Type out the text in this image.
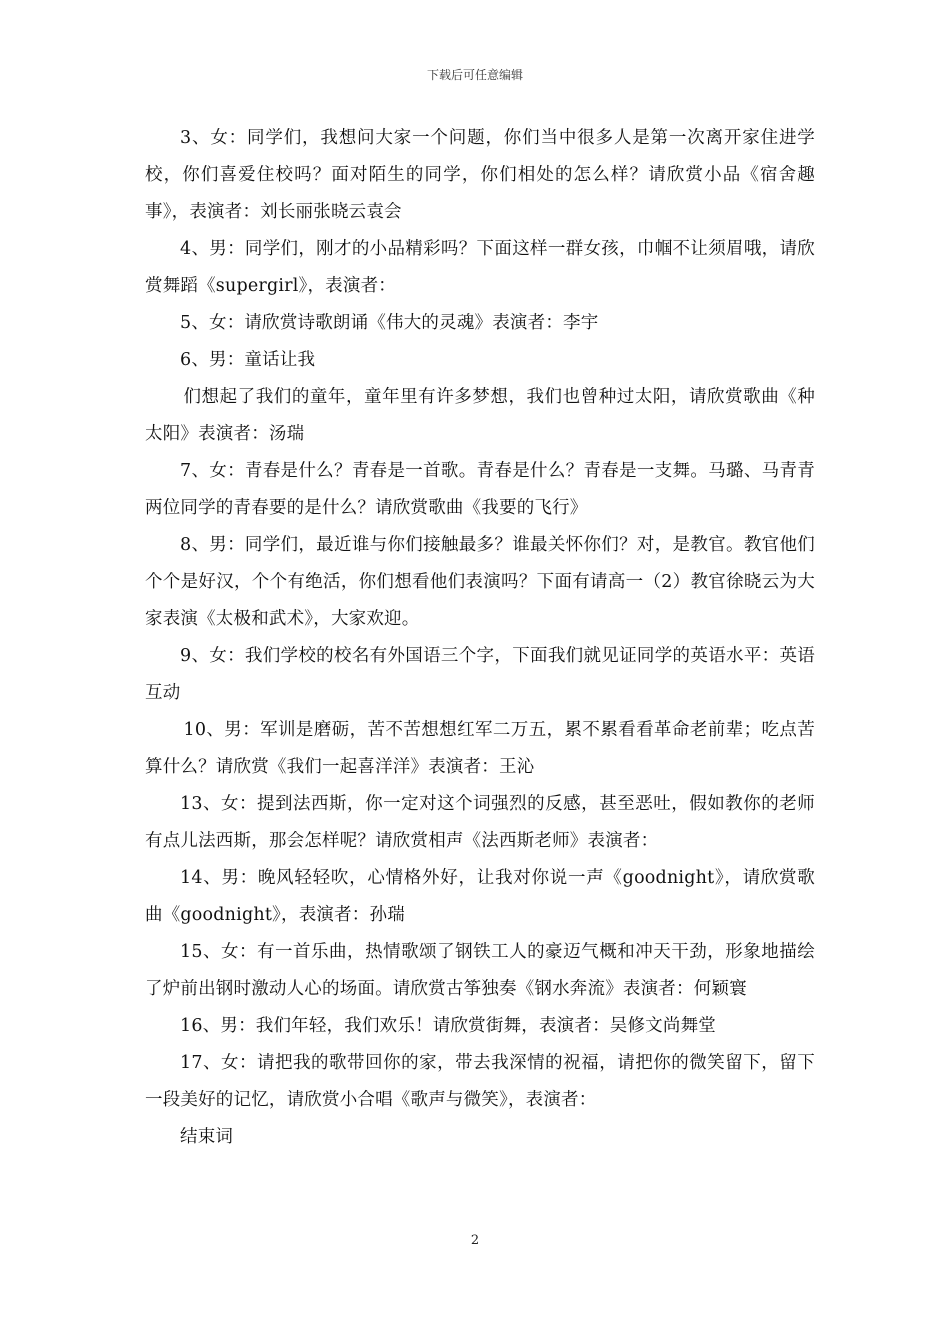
下载后可任意编辑

3、女：同学们，我想问大家一个问题，你们当中很多人是第一次离开家住进学校，你们喜爱住校吗？面对陌生的同学，你们相处的怎么样？请欣赏小品《宿舍趣事》，表演者：刘长丽张晓云袁会

4、男：同学们，刚才的小品精彩吗？下面这样一群女孩，巾帼不让须眉哦，请欣赏舞蹈《supergirl》，表演者：

5、女：请欣赏诗歌朗诵《伟大的灵魂》表演者：李宇

6、男：童话让我

们想起了我们的童年，童年里有许多梦想，我们也曾种过太阳，请欣赏歌曲《种太阳》表演者：汤瑞

7、女：青春是什么？青春是一首歌。青春是什么？青春是一支舞。马璐、马青青两位同学的青春要的是什么？请欣赏歌曲《我要的飞行》

8、男：同学们，最近谁与你们接触最多？谁最关怀你们？对，是教官。教官他们个个是好汉，个个有绝活，你们想看他们表演吗？下面有请高一（2）教官徐晓云为大家表演《太极和武术》，大家欢迎。

9、女：我们学校的校名有外国语三个字，下面我们就见证同学的英语水平：英语互动

10、男：军训是磨砺，苦不苦想想红军二万五，累不累看看革命老前辈；吃点苦算什么？请欣赏《我们一起喜洋洋》表演者：王沁

13、女：提到法西斯，你一定对这个词强烈的反感，甚至恶吐，假如教你的老师有点儿法西斯，那会怎样呢？请欣赏相声《法西斯老师》表演者：

14、男：晚风轻轻吹，心情格外好，让我对你说一声《goodnight》，请欣赏歌曲《goodnight》，表演者：孙瑞

15、女：有一首乐曲，热情歌颂了钢铁工人的豪迈气概和冲天干劲，形象地描绘了炉前出钢时激动人心的场面。请欣赏古筝独奏《钢水奔流》表演者：何颖寰

16、男：我们年轻，我们欢乐！请欣赏街舞，表演者：吴修文尚舞堂

17、女：请把我的歌带回你的家，带去我深情的祝福，请把你的微笑留下，留下一段美好的记忆，请欣赏小合唱《歌声与微笑》，表演者：

结束词

2
